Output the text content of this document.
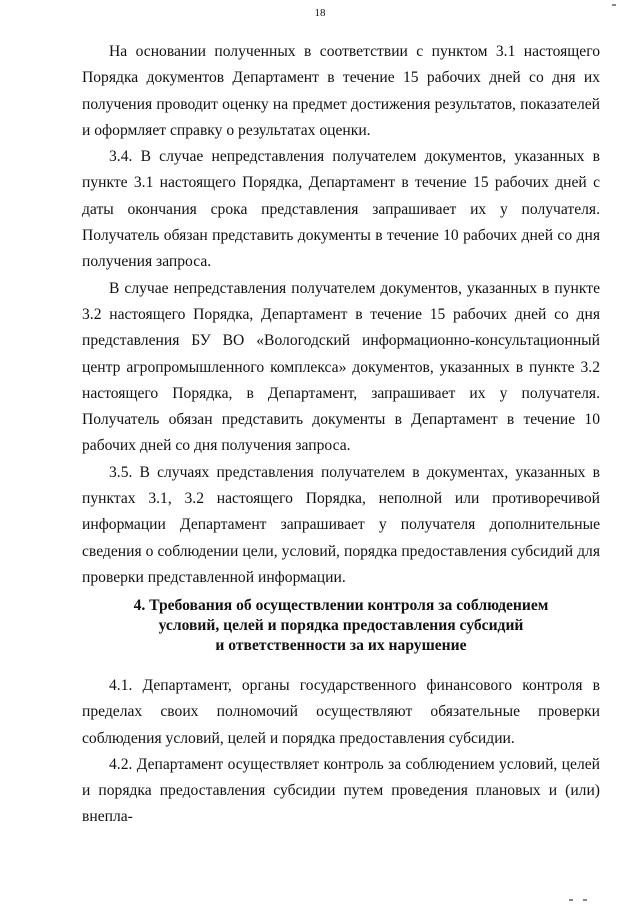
18

На основании полученных в соответствии с пунктом 3.1 настоящего Порядка документов Департамент в течение 15 рабочих дней со дня их получения проводит оценку на предмет достижения результатов, показателей и оформляет справку о результатах оценки.

3.4. В случае непредставления получателем документов, указанных в пункте 3.1 настоящего Порядка, Департамент в течение 15 рабочих дней с даты окончания срока представления запрашивает их у получателя. Получатель обязан представить документы в течение 10 рабочих дней со дня получения запроса.

В случае непредставления получателем документов, указанных в пункте 3.2 настоящего Порядка, Департамент в течение 15 рабочих дней со дня представления БУ ВО «Вологодский информационно-консультационный центр агропромышленного комплекса» документов, указанных в пункте 3.2 настоящего Порядка, в Департамент, запрашивает их у получателя. Получатель обязан представить документы в Департамент в течение 10 рабочих дней со дня получения запроса.

3.5. В случаях представления получателем в документах, указанных в пунктах 3.1, 3.2 настоящего Порядка, неполной или противоречивой информации Департамент запрашивает у получателя дополнительные сведения о соблюдении цели, условий, порядка предоставления субсидий для проверки представленной информации.

4. Требования об осуществлении контроля за соблюдением
условий, целей и порядка предоставления субсидий
и ответственности за их нарушение

4.1. Департамент, органы государственного финансового контроля в пределах своих полномочий осуществляют обязательные проверки соблюдения условий, целей и порядка предоставления субсидии.

4.2. Департамент осуществляет контроль за соблюдением условий, целей и порядка предоставления субсидии путем проведения плановых и (или) внепла-
